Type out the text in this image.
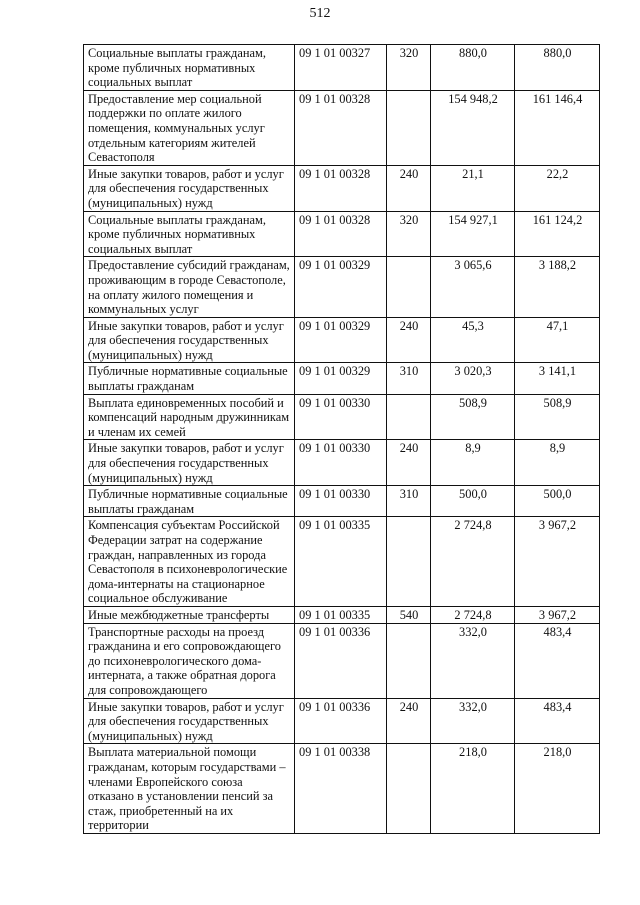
512
Социальные выплаты гражданам, кроме публичных нормативных социальных выплат	09 1 01 00327	320	880,0	880,0
Предоставление мер социальной поддержки по оплате жилого помещения, коммунальных услуг отдельным категориям жителей Севастополя	09 1 01 00328		154 948,2	161 146,4
Иные закупки товаров, работ и услуг для обеспечения государственных (муниципальных) нужд	09 1 01 00328	240	21,1	22,2
Социальные выплаты гражданам, кроме публичных нормативных социальных выплат	09 1 01 00328	320	154 927,1	161 124,2
Предоставление субсидий гражданам, проживающим в городе Севастополе, на оплату жилого помещения и коммунальных услуг	09 1 01 00329		3 065,6	3 188,2
Иные закупки товаров, работ и услуг для обеспечения государственных (муниципальных) нужд	09 1 01 00329	240	45,3	47,1
Публичные нормативные социальные выплаты гражданам	09 1 01 00329	310	3 020,3	3 141,1
Выплата единовременных пособий и компенсаций народным дружинникам и членам их семей	09 1 01 00330		508,9	508,9
Иные закупки товаров, работ и услуг для обеспечения государственных (муниципальных) нужд	09 1 01 00330	240	8,9	8,9
Публичные нормативные социальные выплаты гражданам	09 1 01 00330	310	500,0	500,0
Компенсация субъектам Российской Федерации затрат на содержание граждан, направленных из города Севастополя в психоневрологические дома-интернаты на стационарное социальное обслуживание	09 1 01 00335		2 724,8	3 967,2
Иные межбюджетные трансферты	09 1 01 00335	540	2 724,8	3 967,2
Транспортные расходы на проезд гражданина и его сопровождающего до психоневрологического дома-интерната, а также обратная дорога для сопровождающего	09 1 01 00336		332,0	483,4
Иные закупки товаров, работ и услуг для обеспечения государственных (муниципальных) нужд	09 1 01 00336	240	332,0	483,4
Выплата материальной помощи гражданам, которым государствами – членами Европейского союза отказано в установлении пенсий за стаж, приобретенный на их территории	09 1 01 00338		218,0	218,0
